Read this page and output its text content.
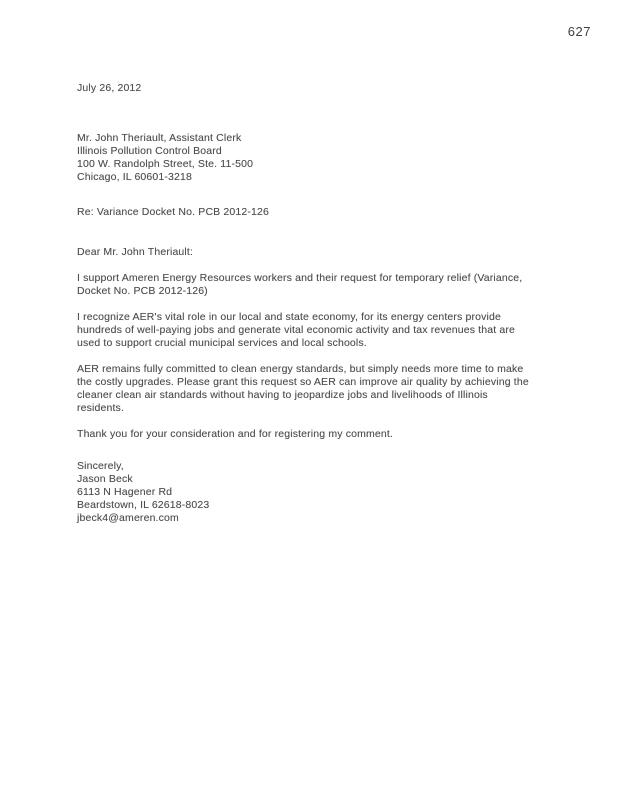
627
July 26, 2012
Mr. John Theriault, Assistant Clerk
Illinois Pollution Control Board
100 W. Randolph Street, Ste. 11-500
Chicago, IL 60601-3218
Re: Variance Docket No. PCB 2012-126
Dear Mr. John Theriault:

I support Ameren Energy Resources workers and their request for temporary relief (Variance, Docket No. PCB 2012-126)

I recognize AER's vital role in our local and state economy, for its energy centers provide hundreds of well-paying jobs and generate vital economic activity and tax revenues that are used to support crucial municipal services and local schools.

AER remains fully committed to clean energy standards, but simply needs more time to make the costly upgrades. Please grant this request so AER can improve air quality by achieving the cleaner clean air standards without having to jeopardize jobs and livelihoods of Illinois residents.

Thank you for your consideration and for registering my comment.

Sincerely,
Jason Beck
6113 N Hagener Rd
Beardstown, IL 62618-8023
jbeck4@ameren.com
